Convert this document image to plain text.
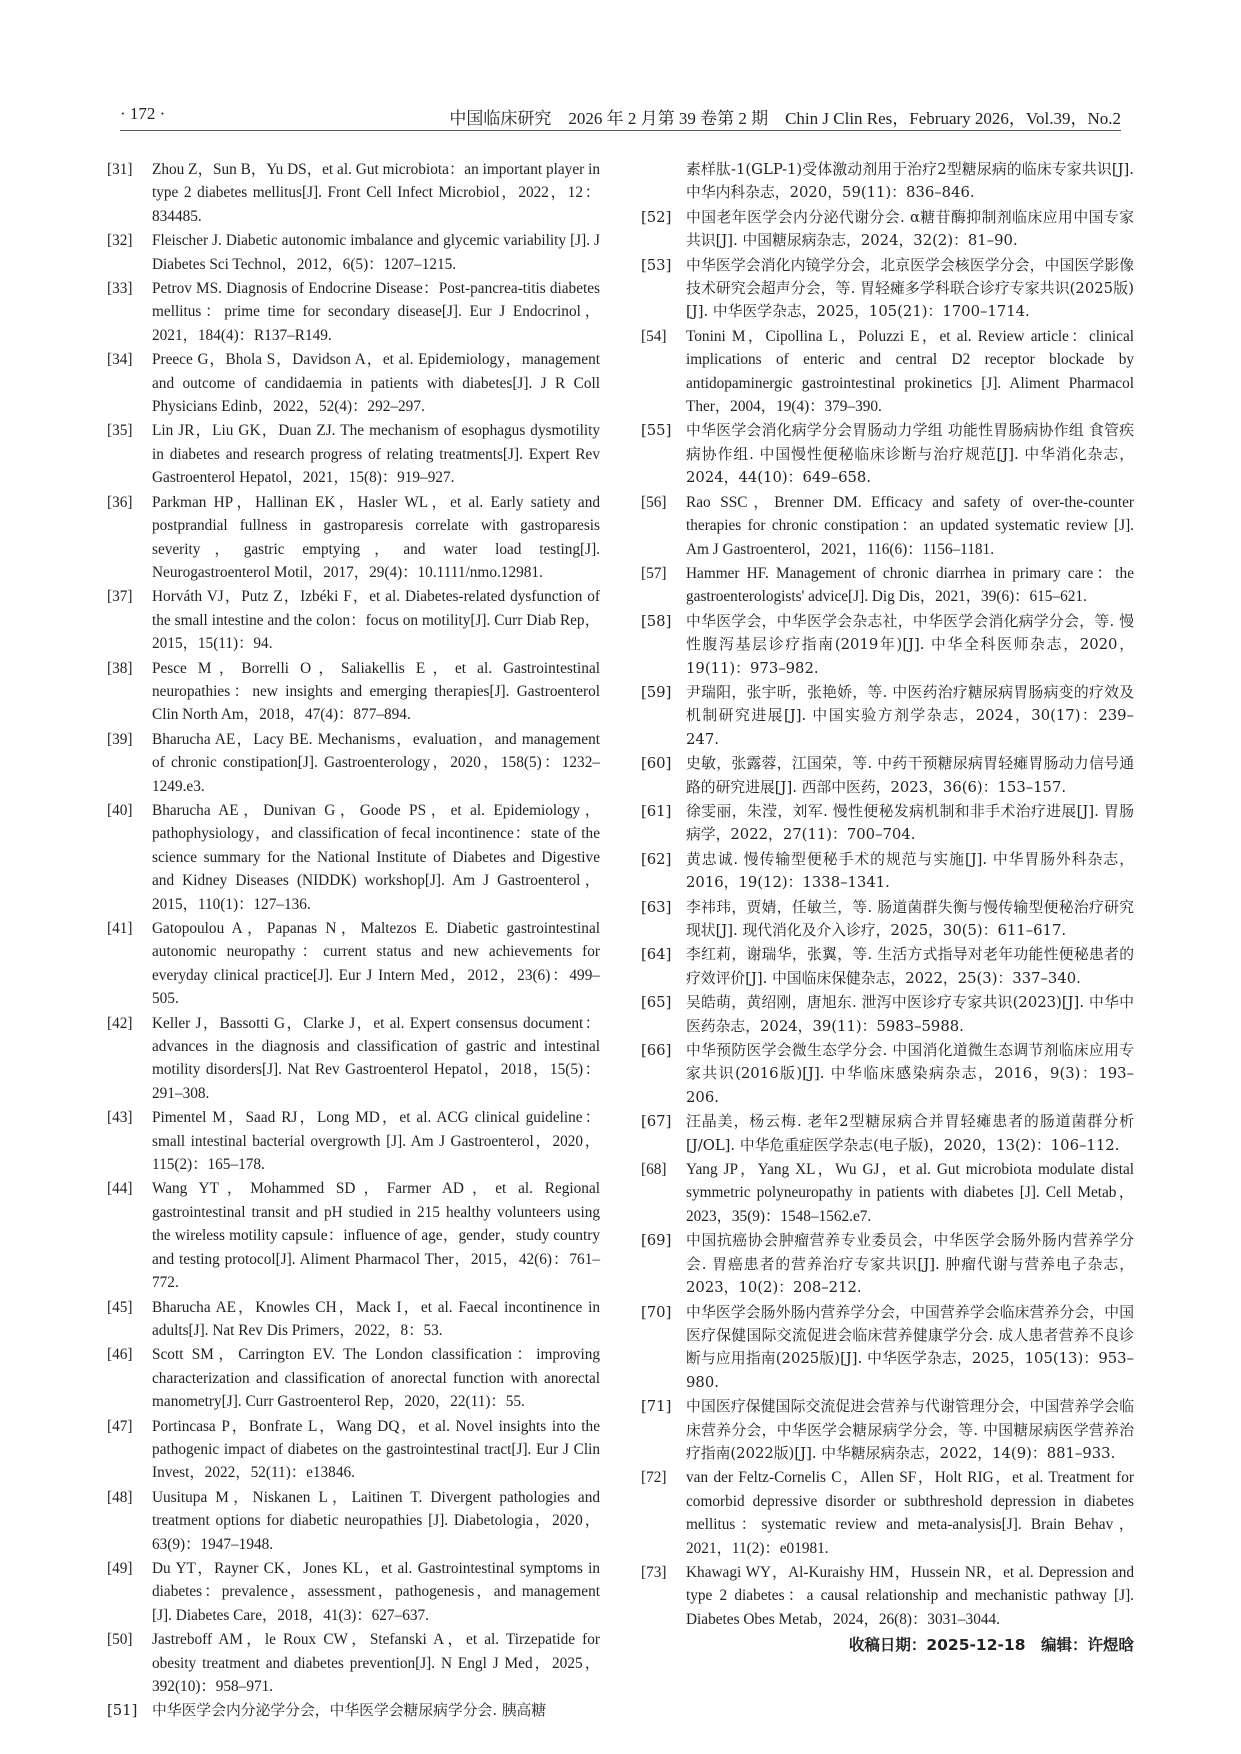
· 172 ·	中国临床研究　2026 年 2 月第 39 卷第 2 期　Chin J Clin Res，February 2026，Vol.39，No.2
[31]	Zhou Z，Sun B，Yu DS，et al. Gut microbiota：an important player in type 2 diabetes mellitus[J]. Front Cell Infect Microbiol，2022，12：834485.
[32]	Fleischer J. Diabetic autonomic imbalance and glycemic variability [J]. J Diabetes Sci Technol，2012，6(5)：1207–1215.
[33]	Petrov MS. Diagnosis of Endocrine Disease：Post-pancrea-titis diabetes mellitus：prime time for secondary disease[J]. Eur J Endocrinol，2021，184(4)：R137–R149.
[34]	Preece G，Bhola S，Davidson A，et al. Epidemiology，management and outcome of candidaemia in patients with diabetes[J]. J R Coll Physicians Edinb，2022，52(4)：292–297.
[35]	Lin JR，Liu GK，Duan ZJ. The mechanism of esophagus dysmotility in diabetes and research progress of relating treatments[J]. Expert Rev Gastroenterol Hepatol，2021，15(8)：919–927.
[36]	Parkman HP，Hallinan EK，Hasler WL，et al. Early satiety and postprandial fullness in gastroparesis correlate with gastroparesis severity，gastric emptying，and water load testing[J]. Neurogastroenterol Motil，2017，29(4)：10.1111/nmo.12981.
[37]	Horváth VJ，Putz Z，Izbéki F，et al. Diabetes-related dysfunction of the small intestine and the colon：focus on motility[J]. Curr Diab Rep，2015，15(11)：94.
[38]	Pesce M，Borrelli O，Saliakellis E，et al. Gastrointestinal neuropathies：new insights and emerging therapies[J]. Gastroenterol Clin North Am，2018，47(4)：877–894.
[39]	Bharucha AE，Lacy BE. Mechanisms，evaluation，and management of chronic constipation[J]. Gastroenterology，2020，158(5)：1232–1249.e3.
[40]	Bharucha AE，Dunivan G，Goode PS，et al. Epidemiology，pathophysiology，and classification of fecal incontinence：state of the science summary for the National Institute of Diabetes and Digestive and Kidney Diseases (NIDDK) workshop[J]. Am J Gastroenterol，2015，110(1)：127–136.
[41]	Gatopoulou A，Papanas N，Maltezos E. Diabetic gastrointestinal autonomic neuropathy：current status and new achievements for everyday clinical practice[J]. Eur J Intern Med，2012，23(6)：499–505.
[42]	Keller J，Bassotti G，Clarke J，et al. Expert consensus document：advances in the diagnosis and classification of gastric and intestinal motility disorders[J]. Nat Rev Gastroenterol Hepatol，2018，15(5)：291–308.
[43]	Pimentel M，Saad RJ，Long MD，et al. ACG clinical guideline：small intestinal bacterial overgrowth [J]. Am J Gastroenterol，2020，115(2)：165–178.
[44]	Wang YT，Mohammed SD，Farmer AD，et al. Regional gastrointestinal transit and pH studied in 215 healthy volunteers using the wireless motility capsule：influence of age，gender，study country and testing protocol[J]. Aliment Pharmacol Ther，2015，42(6)：761–772.
[45]	Bharucha AE，Knowles CH，Mack I，et al. Faecal incontinence in adults[J]. Nat Rev Dis Primers，2022，8：53.
[46]	Scott SM，Carrington EV. The London classification：improving characterization and classification of anorectal function with anorectal manometry[J]. Curr Gastroenterol Rep，2020，22(11)：55.
[47]	Portincasa P，Bonfrate L，Wang DQ，et al. Novel insights into the pathogenic impact of diabetes on the gastrointestinal tract[J]. Eur J Clin Invest，2022，52(11)：e13846.
[48]	Uusitupa M，Niskanen L，Laitinen T. Divergent pathologies and treatment options for diabetic neuropathies [J]. Diabetologia，2020，63(9)：1947–1948.
[49]	Du YT，Rayner CK，Jones KL，et al. Gastrointestinal symptoms in diabetes：prevalence，assessment，pathogenesis，and management [J]. Diabetes Care，2018，41(3)：627–637.
[50]	Jastreboff AM，le Roux CW，Stefanski A，et al. Tirzepatide for obesity treatment and diabetes prevention[J]. N Engl J Med，2025，392(10)：958–971.
[51] 中华医学会内分泌学分会，中华医学会糖尿病学分会. 胰高糖
素样肽-1(GLP-1)受体激动剂用于治疗2型糖尿病的临床专家共识[J]. 中华内科杂志，2020，59(11)：836–846.
[52] 中国老年医学会内分泌代谢分会. α糖苷酶抑制剂临床应用中国专家共识[J]. 中国糖尿病杂志，2024，32(2)：81–90.
[53] 中华医学会消化内镜学分会，北京医学会核医学分会，中国医学影像技术研究会超声分会，等. 胃轻瘫多学科联合诊疗专家共识(2025版)[J]. 中华医学杂志，2025，105(21)：1700–1714.
[54]	Tonini M，Cipollina L，Poluzzi E，et al. Review article：clinical implications of enteric and central D2 receptor blockade by antidopaminergic gastrointestinal prokinetics [J]. Aliment Pharmacol Ther，2004，19(4)：379–390.
[55] 中华医学会消化病学分会胃肠动力学组 功能性胃肠病协作组 食管疾病协作组. 中国慢性便秘临床诊断与治疗规范[J]. 中华消化杂志，2024，44(10)：649–658.
[56]	Rao SSC，Brenner DM. Efficacy and safety of over-the-counter therapies for chronic constipation：an updated systematic review [J]. Am J Gastroenterol，2021，116(6)：1156–1181.
[57]	Hammer HF. Management of chronic diarrhea in primary care：the gastroenterologists' advice[J]. Dig Dis，2021，39(6)：615–621.
[58] 中华医学会，中华医学会杂志社，中华医学会消化病学分会，等. 慢性腹泻基层诊疗指南(2019年)[J]. 中华全科医师杂志，2020，19(11)：973–982.
[59] 尹瑞阳，张宇昕，张艳娇，等. 中医药治疗糖尿病胃肠病变的疗效及机制研究进展[J]. 中国实验方剂学杂志，2024，30(17)：239–247.
[60] 史敏，张露蓉，江国荣，等. 中药干预糖尿病胃轻瘫胃肠动力信号通路的研究进展[J]. 西部中医药，2023，36(6)：153–157.
[61] 徐雯丽，朱滢，刘军. 慢性便秘发病机制和非手术治疗进展[J]. 胃肠病学，2022，27(11)：700–704.
[62] 黄忠诚. 慢传输型便秘手术的规范与实施[J]. 中华胃肠外科杂志，2016，19(12)：1338–1341.
[63] 李祎玮，贾婧，任敏兰，等. 肠道菌群失衡与慢传输型便秘治疗研究现状[J]. 现代消化及介入诊疗，2025，30(5)：611–617.
[64] 李红莉，谢瑞华，张翼，等. 生活方式指导对老年功能性便秘患者的疗效评价[J]. 中国临床保健杂志，2022，25(3)：337–340.
[65] 吴皓萌，黄绍刚，唐旭东. 泄泻中医诊疗专家共识(2023)[J]. 中华中医药杂志，2024，39(11)：5983–5988.
[66] 中华预防医学会微生态学分会. 中国消化道微生态调节剂临床应用专家共识(2016版)[J]. 中华临床感染病杂志，2016，9(3)：193–206.
[67] 汪晶美，杨云梅. 老年2型糖尿病合并胃轻瘫患者的肠道菌群分析[J/OL]. 中华危重症医学杂志(电子版)，2020，13(2)：106–112.
[68]	Yang JP，Yang XL，Wu GJ，et al. Gut microbiota modulate distal symmetric polyneuropathy in patients with diabetes [J]. Cell Metab，2023，35(9)：1548–1562.e7.
[69] 中国抗癌协会肿瘤营养专业委员会，中华医学会肠外肠内营养学分会. 胃癌患者的营养治疗专家共识[J]. 肿瘤代谢与营养电子杂志，2023，10(2)：208–212.
[70] 中华医学会肠外肠内营养学分会，中国营养学会临床营养分会，中国医疗保健国际交流促进会临床营养健康学分会. 成人患者营养不良诊断与应用指南(2025版)[J]. 中华医学杂志，2025，105(13)：953–980.
[71] 中国医疗保健国际交流促进会营养与代谢管理分会，中国营养学会临床营养分会，中华医学会糖尿病学分会，等. 中国糖尿病医学营养治疗指南(2022版)[J]. 中华糖尿病杂志，2022，14(9)：881–933.
[72]	van der Feltz-Cornelis C，Allen SF，Holt RIG，et al. Treatment for comorbid depressive disorder or subthreshold depression in diabetes mellitus：systematic review and meta-analysis[J]. Brain Behav，2021，11(2)：e01981.
[73]	Khawagi WY，Al-Kuraishy HM，Hussein NR，et al. Depression and type 2 diabetes：a causal relationship and mechanistic pathway [J]. Diabetes Obes Metab，2024，26(8)：3031–3044.
收稿日期：2025-12-18　编辑：许煜晗
